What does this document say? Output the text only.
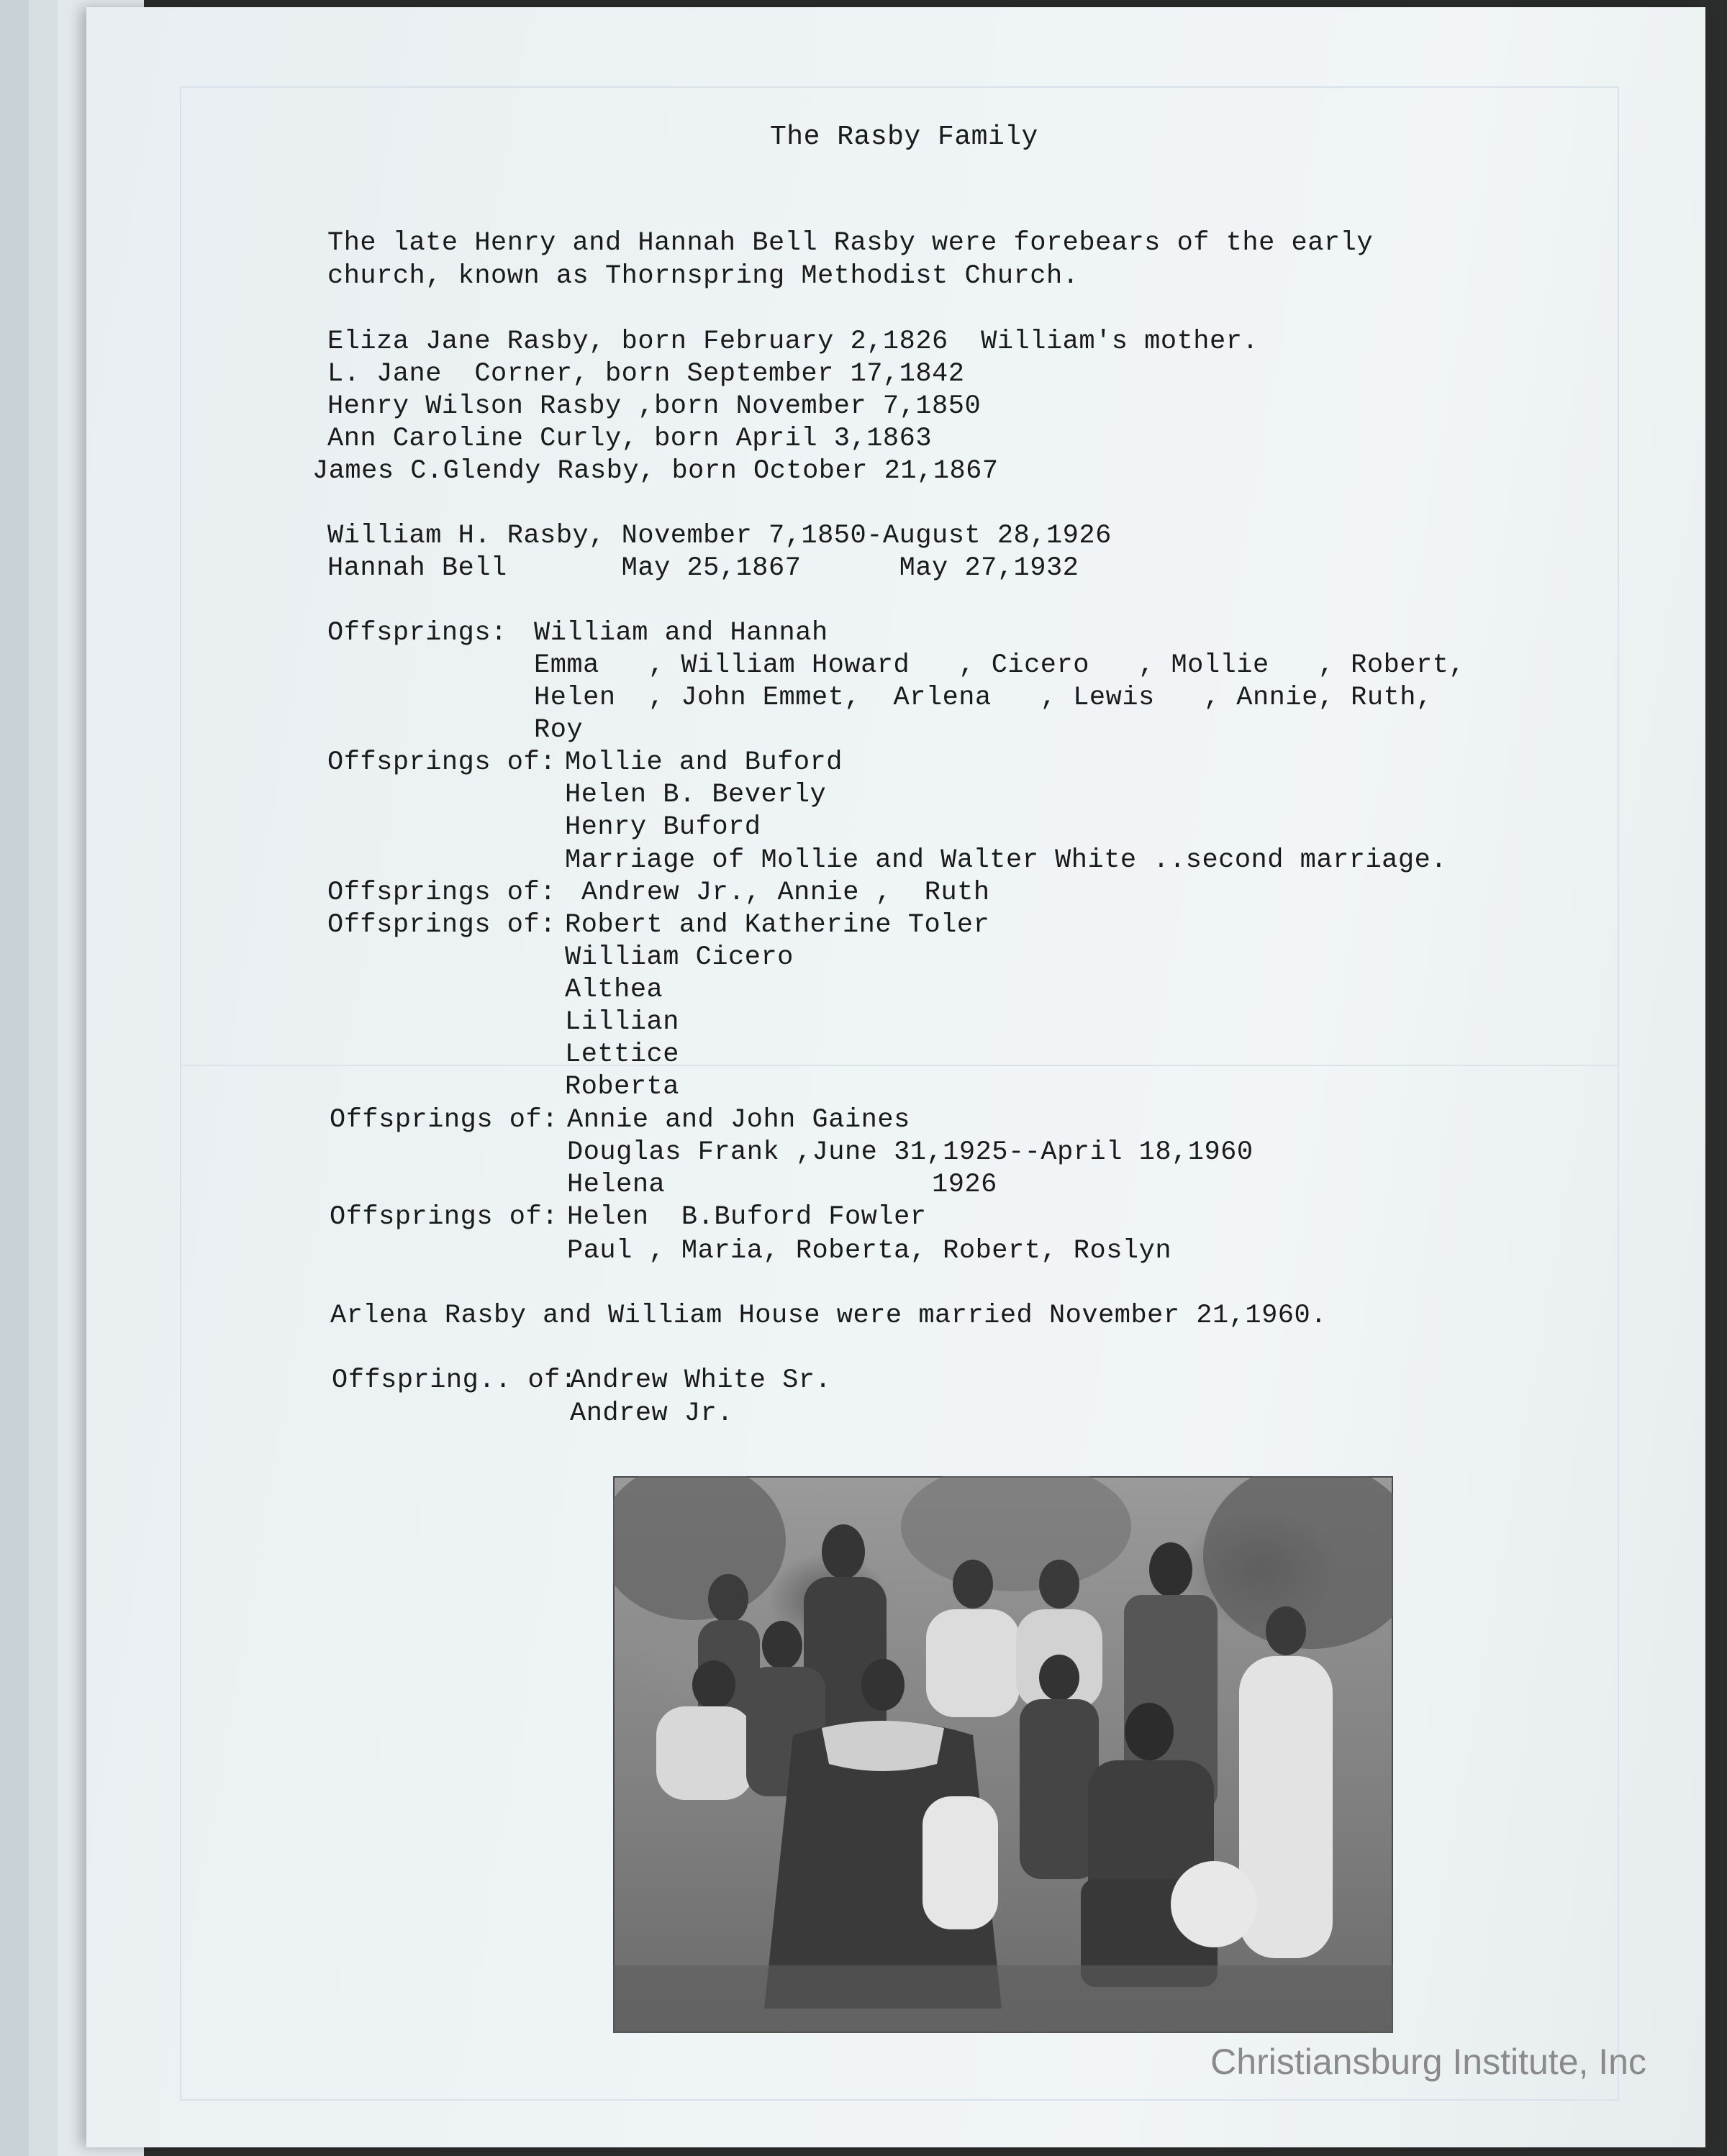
The Rasby Family
The late Henry and Hannah Bell Rasby were forebears of the early
church, known as Thornspring Methodist Church.
Eliza Jane Rasby, born February 2,1826  William's mother.
L. Jane  Corner, born September 17,1842
Henry Wilson Rasby ,born November 7,1850
Ann Caroline Curly, born April 3,1863
James C.Glendy Rasby, born October 21,1867
William H. Rasby, November 7,1850-August 28,1926
Hannah Bell       May 25,1867      May 27,1932
Offsprings: William and Hannah
Emma   , William Howard   , Cicero   , Mollie   , Robert,
Helen  , John Emmet,  Arlena   , Lewis   , Annie, Ruth,
Roy
Offsprings of: Mollie and Buford
Helen B. Beverly
Henry Buford
Marriage of Mollie and Walter White ..second marriage.
Offsprings of: Andrew Jr., Annie ,  Ruth
Offsprings of: Robert and Katherine Toler
William Cicero
Althea
Lillian
Lettice
Roberta
Offsprings of: Annie and John Gaines
Douglas Frank ,June 31,1925--April 18,1960
Helena	1926
Offsprings of: Helen  B.Buford Fowler
Paul , Maria, Roberta, Robert, Roslyn
Arlena Rasby and William House were married November 21,1960.
Offspring.. of:
Andrew White Sr.
Andrew Jr.
Christiansburg Institute, Inc
